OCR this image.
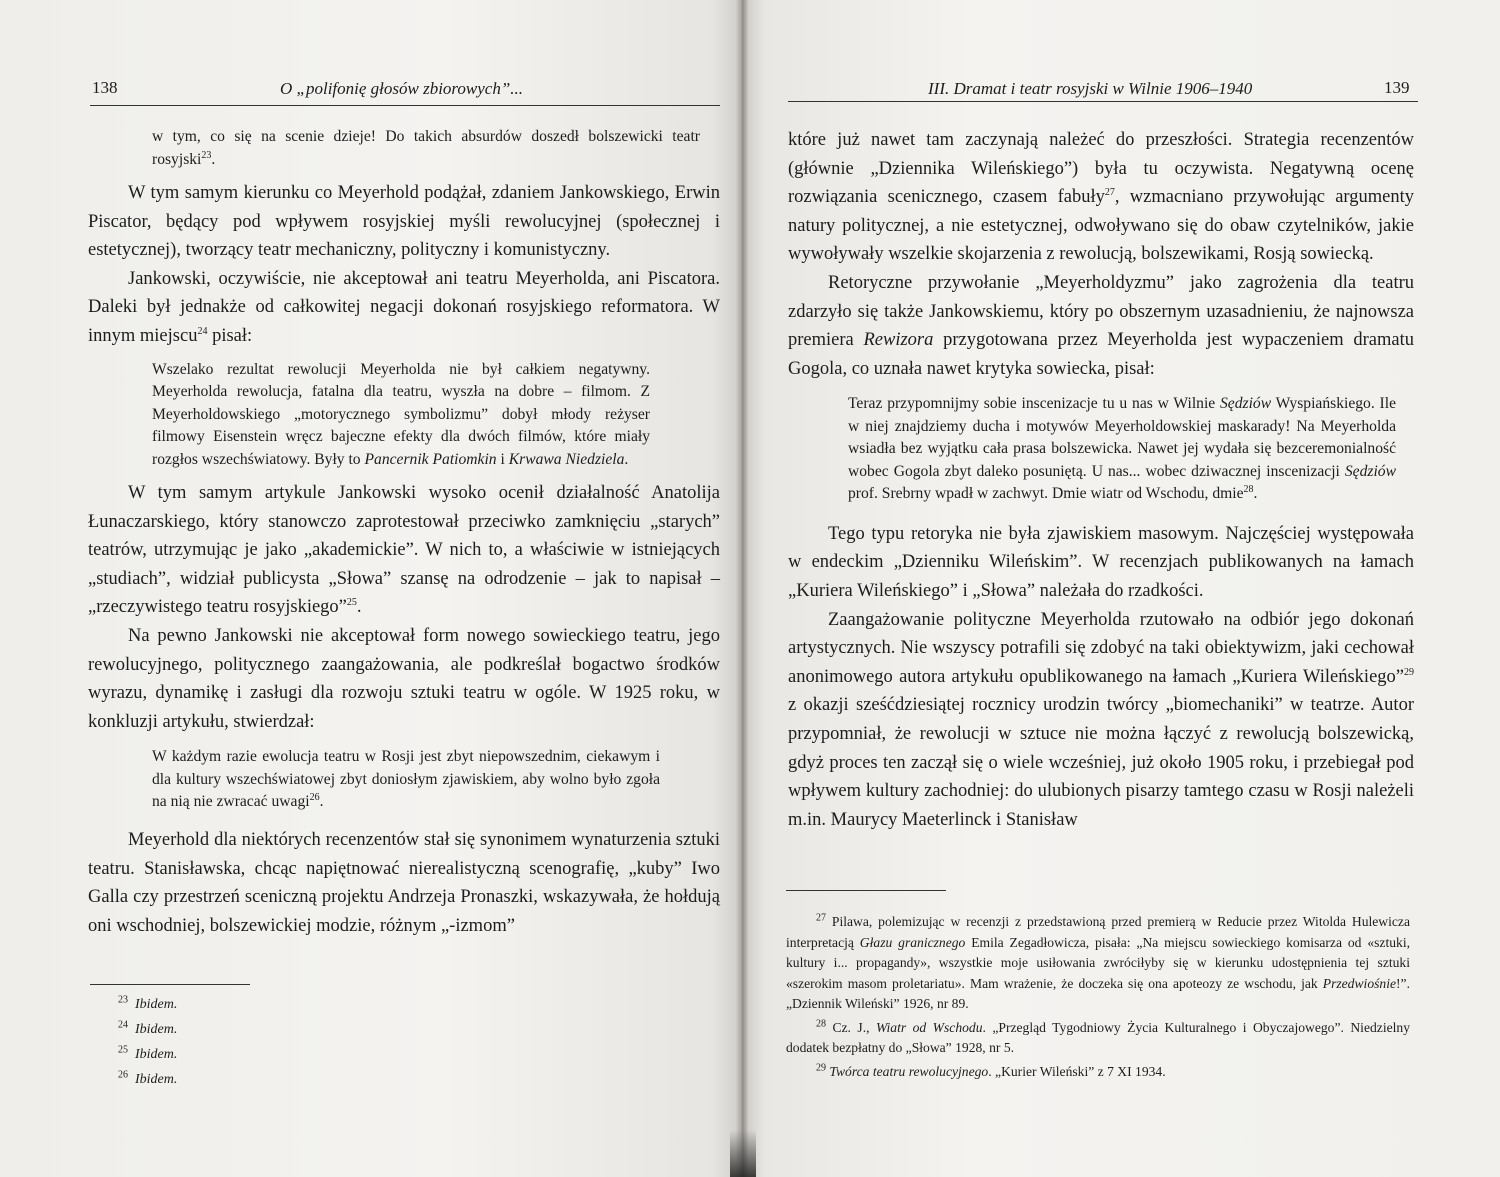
138	O „polifonię głosów zbiorowych”...
w tym, co się na scenie dzieje! Do takich absurdów doszedł bolszewicki teatr rosyjski$^{23}$.

W tym samym kierunku co Meyerhold podążał, zdaniem Jankowskiego, Erwin Piscator, będący pod wpływem rosyjskiej myśli rewolucyjnej (społecznej i estetycznej), tworzący teatr mechaniczny, polityczny i komunistyczny.

Jankowski, oczywiście, nie akceptował ani teatru Meyerholda, ani Piscatora. Daleki był jednakże od całkowitej negacji dokonań rosyjskiego reformatora. W innym miejscu$^{24}$ pisał:

Wszelako rezultat rewolucji Meyerholda nie był całkiem negatywny. Meyerholda rewolucja, fatalna dla teatru, wyszła na dobre – filmom. Z Meyerholdowskiego „motorycznego symbolizmu” dobył młody reżyser filmowy Eisenstein wręcz bajeczne efekty dla dwóch filmów, które miały rozgłos wszechświatowy. Były to Pancernik Patiomkin i Krwawa Niedziela.

W tym samym artykule Jankowski wysoko ocenił działalność Anatolija Łunaczarskiego, który stanowczo zaprotestował przeciwko zamknięciu „starych” teatrów, utrzymując je jako „akademickie”. W nich to, a właściwie w istniejących „studiach”, widział publicysta „Słowa” szansę na odrodzenie – jak to napisał – „rzeczywistego teatru rosyjskiego”$^{25}$.

Na pewno Jankowski nie akceptował form nowego sowieckiego teatru, jego rewolucyjnego, politycznego zaangażowania, ale podkreślał bogactwo środków wyrazu, dynamikę i zasługi dla rozwoju sztuki teatru w ogóle. W 1925 roku, w konkluzji artykułu, stwierdzał:

W każdym razie ewolucja teatru w Rosji jest zbyt niepowszednim, ciekawym i dla kultury wszechświatowej zbyt doniosłym zjawiskiem, aby wolno było zgoła na nią nie zwracać uwagi$^{26}$.

Meyerhold dla niektórych recenzentów stał się synonimem wynaturzenia sztuki teatru. Stanisławska, chcąc napiętnować nierealistyczną scenografię, „kuby” Iwo Galla czy przestrzeń sceniczną projektu Andrzeja Pronaszki, wskazywała, że hołdują oni wschodniej, bolszewickiej modzie, różnym „-izmom”

$^{23}$ Ibidem.
$^{24}$ Ibidem.
$^{25}$ Ibidem.
$^{26}$ Ibidem.
III. Dramat i teatr rosyjski w Wilnie 1906–1940	139

które już nawet tam zaczynają należeć do przeszłości. Strategia recenzentów (głównie „Dziennika Wileńskiego”) była tu oczywista. Negatywną ocenę rozwiązania scenicznego, czasem fabuły$^{27}$, wzmacniano przywołując argumenty natury politycznej, a nie estetycznej, odwoływano się do obaw czytelników, jakie wywoływały wszelkie skojarzenia z rewolucją, bolszewikami, Rosją sowiecką.

Retoryczne przywołanie „Meyerholdyzmu” jako zagrożenia dla teatru zdarzyło się także Jankowskiemu, który po obszernym uzasadnieniu, że najnowsza premiera Rewizora przygotowana przez Meyerholda jest wypaczeniem dramatu Gogola, co uznała nawet krytyka sowiecka, pisał:

Teraz przypomnijmy sobie inscenizacje tu u nas w Wilnie Sędziów Wyspiańskiego. Ile w niej znajdziemy ducha i motywów Meyerholdowskiej maskarady! Na Meyerholda wsiadła bez wyjątku cała prasa bolszewicka. Nawet jej wydała się bezceremonialność wobec Gogola zbyt daleko posuniętą. U nas... wobec dziwacznej inscenizacji Sędziów prof. Srebrny wpadł w zachwyt. Dmie wiatr od Wschodu, dmie$^{28}$.

Tego typu retoryka nie była zjawiskiem masowym. Najczęściej występowała w endeckim „Dzienniku Wileńskim”. W recenzjach publikowanych na łamach „Kuriera Wileńskiego” i „Słowa” należała do rzadkości.

Zaangażowanie polityczne Meyerholda rzutowało na odbiór jego dokonań artystycznych. Nie wszyscy potrafili się zdobyć na taki obiektywizm, jaki cechował anonimowego autora artykułu opublikowanego na łamach „Kuriera Wileńskiego”$^{29}$ z okazji sześćdziesiątej rocznicy urodzin twórcy „biomechaniki” w teatrze. Autor przypomniał, że rewolucji w sztuce nie można łączyć z rewolucją bolszewicką, gdyż proces ten zaczął się o wiele wcześniej, już około 1905 roku, i przebiegał pod wpływem kultury zachodniej: do ulubionych pisarzy tamtego czasu w Rosji należeli m.in. Maurycy Maeterlinck i Stanisław

$^{27}$ Pilawa, polemizując w recenzji z przedstawioną przed premierą w Reducie przez Witolda Hulewicza interpretacją Głazu granicznego Emila Zegadłowicza, pisała: „Na miejscu sowieckiego komisarza od «sztuki, kultury i... propagandy», wszystkie moje usiłowania zwróciłyby się w kierunku udostępnienia tej sztuki «szerokim masom proletariatu». Mam wrażenie, że doczeka się ona apoteozy ze wschodu, jak Przedwiośnie!”. „Dziennik Wileński” 1926, nr 89.

$^{28}$ Cz. J., Wiatr od Wschodu. „Przegląd Tygodniowy Życia Kulturalnego i Obyczajowego”. Niedzielny dodatek bezpłatny do „Słowa” 1928, nr 5.

$^{29}$ Twórca teatru rewolucyjnego. „Kurier Wileński” z 7 XI 1934.
